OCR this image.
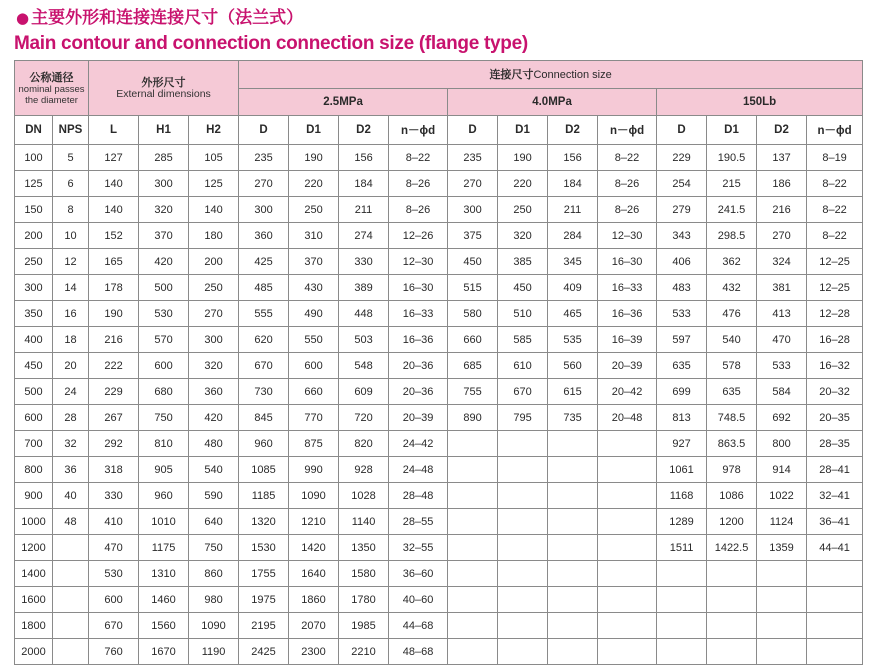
● 主要外形和连接连接尺寸（法兰式）
Main contour and connection connection size (flange type)
公称通径
nominal passes
the diameter		外形尺寸
External dimensions			连接尺寸Connection size											
					2.5MPa				4.0MPa				150Lb			
DN	NPS	L	H1	H2	D	D1	D2	n－ϕd	D	D1	D2	n－ϕd	D	D1	D2	n－ϕd
100	5	127	285	105	235	190	156	8–22	235	190	156	8–22	229	190.5	137	8–19
125	6	140	300	125	270	220	184	8–26	270	220	184	8–26	254	215	186	8–22
150	8	140	320	140	300	250	211	8–26	300	250	211	8–26	279	241.5	216	8–22
200	10	152	370	180	360	310	274	12–26	375	320	284	12–30	343	298.5	270	8–22
250	12	165	420	200	425	370	330	12–30	450	385	345	16–30	406	362	324	12–25
300	14	178	500	250	485	430	389	16–30	515	450	409	16–33	483	432	381	12–25
350	16	190	530	270	555	490	448	16–33	580	510	465	16–36	533	476	413	12–28
400	18	216	570	300	620	550	503	16–36	660	585	535	16–39	597	540	470	16–28
450	20	222	600	320	670	600	548	20–36	685	610	560	20–39	635	578	533	16–32
500	24	229	680	360	730	660	609	20–36	755	670	615	20–42	699	635	584	20–32
600	28	267	750	420	845	770	720	20–39	890	795	735	20–48	813	748.5	692	20–35
700	32	292	810	480	960	875	820	24–42					927	863.5	800	28–35
800	36	318	905	540	1085	990	928	24–48					1061	978	914	28–41
900	40	330	960	590	1185	1090	1028	28–48					1168	1086	1022	32–41
1000	48	410	1010	640	1320	1210	1140	28–55					1289	1200	1124	36–41
1200		470	1175	750	1530	1420	1350	32–55					1511	1422.5	1359	44–41
1400		530	1310	860	1755	1640	1580	36–60								
1600		600	1460	980	1975	1860	1780	40–60								
1800		670	1560	1090	2195	2070	1985	44–68								
2000		760	1670	1190	2425	2300	2210	48–68								
